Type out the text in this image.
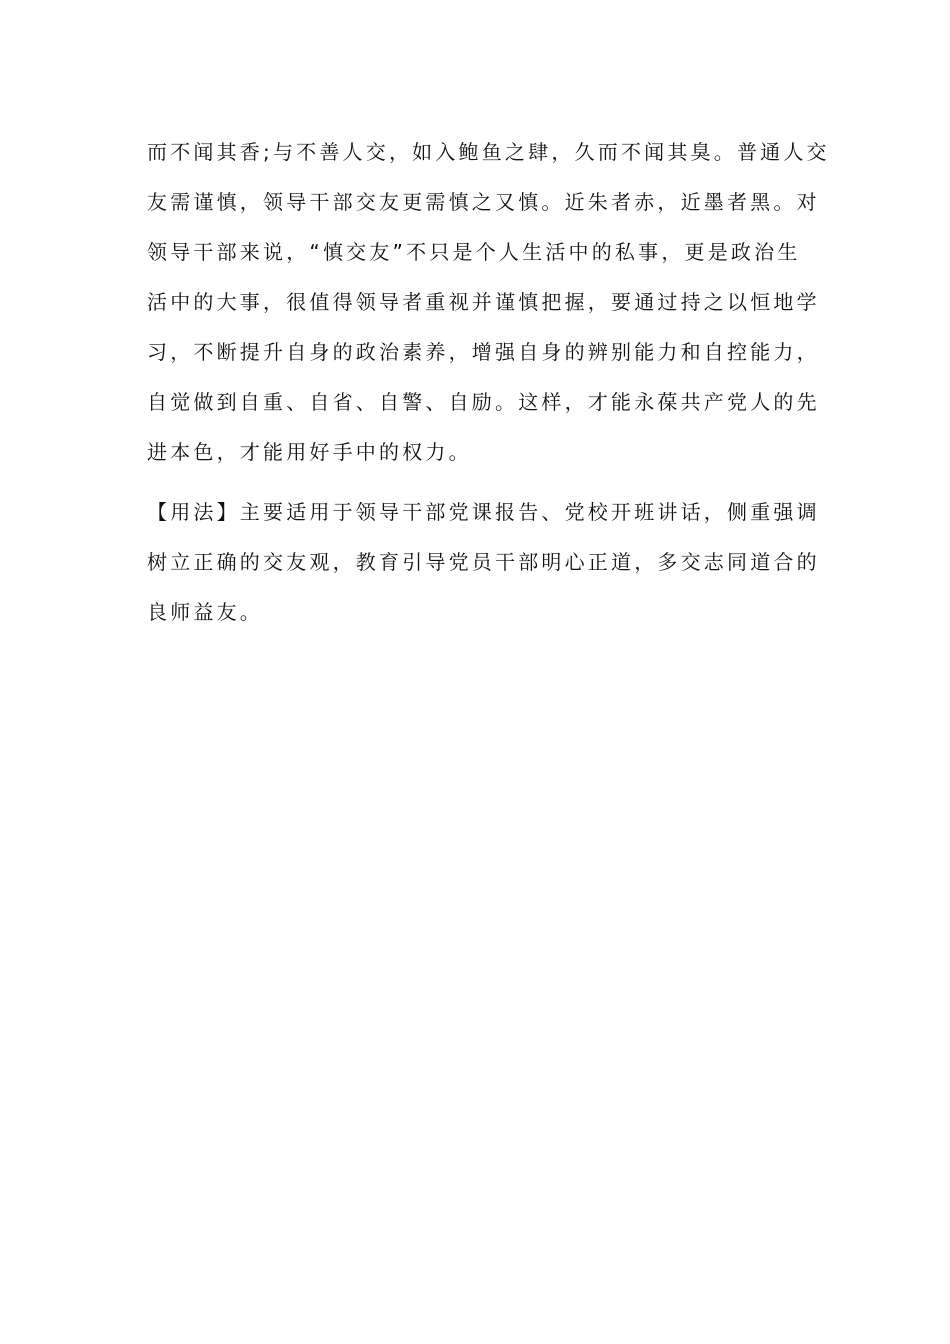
而不闻其香;与不善人交，如入鲍鱼之肆，久而不闻其臭。普通人交
友需谨慎，领导干部交友更需慎之又慎。近朱者赤，近墨者黑。对
领导干部来说，“慎交友”不只是个人生活中的私事，更是政治生
活中的大事，很值得领导者重视并谨慎把握，要通过持之以恒地学
习，不断提升自身的政治素养，增强自身的辨别能力和自控能力，
自觉做到自重、自省、自警、自励。这样，才能永葆共产党人的先
进本色，才能用好手中的权力。
【用法】主要适用于领导干部党课报告、党校开班讲话，侧重强调
树立正确的交友观，教育引导党员干部明心正道，多交志同道合的
良师益友。
